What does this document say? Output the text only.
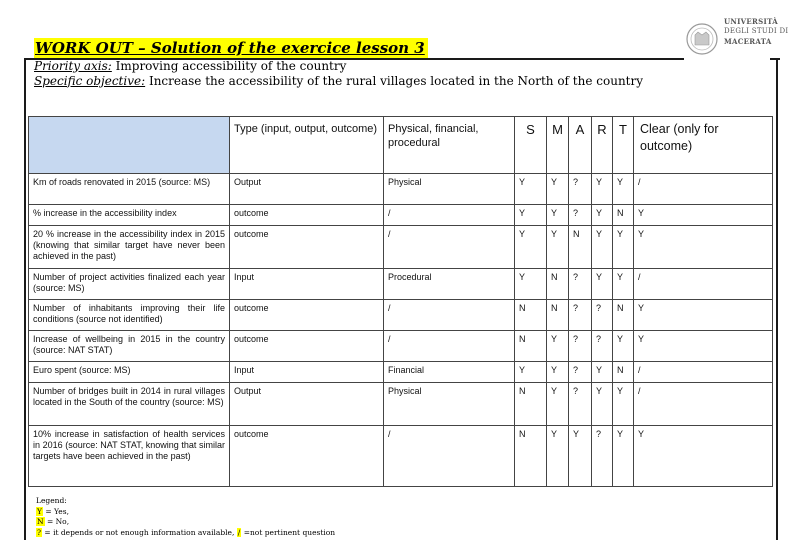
UNIVERSITÀ
DEGLI STUDI DI
MACERATA
WORK OUT – Solution of the exercice lesson 3
Priority axis: Improving accessibility of the country
Specific objective: Increase the accessibility of the rural villages located in the North of the country
	Type (input, output, outcome)	Physical, financial, procedural	S	M	A	R	T	Clear (only for outcome)
Km of roads renovated in 2015 (source: MS)	Output	Physical	Y	Y	?	Y	Y	/
% increase in the accessibility index	outcome	/	Y	Y	?	Y	N	Y
20 % increase in the accessibility index in 2015 (knowing that similar target have never been achieved in the past)	outcome	/	Y	Y	N	Y	Y	Y
Number of project activities finalized each year (source: MS)	Input	Procedural	Y	N	?	Y	Y	/
Number of inhabitants improving their life conditions (source not identified)	outcome	/	N	N	?	?	N	Y
Increase of wellbeing in 2015 in the country (source: NAT STAT)	outcome	/	N	Y	?	?	Y	Y
Euro spent (source: MS)	Input	Financial	Y	Y	?	Y	N	/
Number of bridges built in 2014 in rural villages located in the South of the country (source: MS)	Output	Physical	N	Y	?	Y	Y	/
10% increase in satisfaction of health services in 2016 (source: NAT STAT, knowing that similar targets have been achieved in the past)	outcome	/	N	Y	Y	?	Y	Y
Legend:
Y = Yes,
N = No,
? = it depends or not enough information available, / =not pertinent question
